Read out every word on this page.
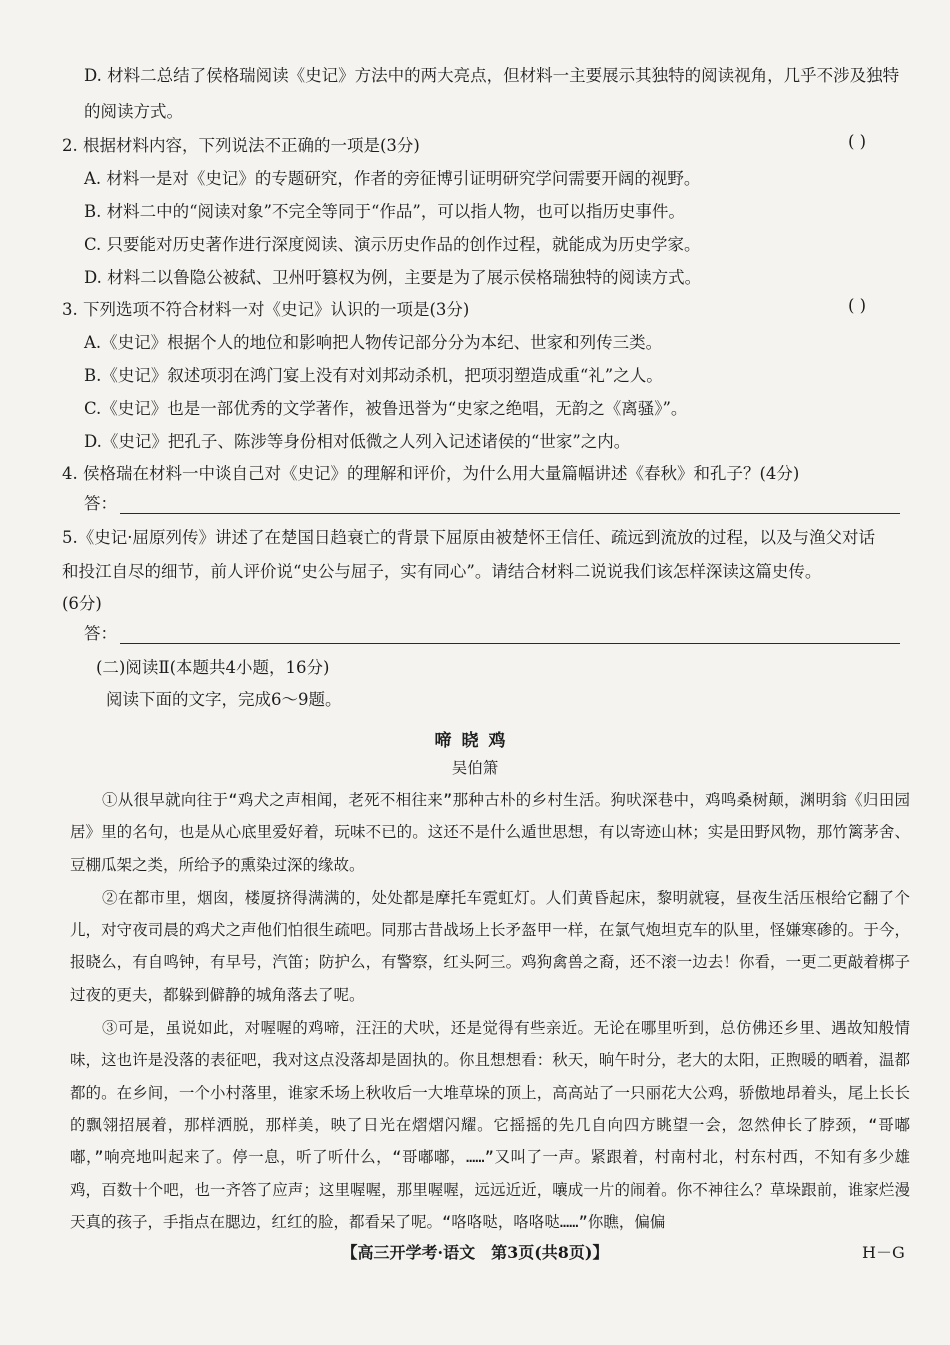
D. 材料二总结了侯格瑞阅读《史记》方法中的两大亮点，但材料一主要展示其独特的阅读视角，几乎不涉及独特
的阅读方式。
2. 根据材料内容，下列说法不正确的一项是(3分)	( )
A. 材料一是对《史记》的专题研究，作者的旁征博引证明研究学问需要开阔的视野。
B. 材料二中的“阅读对象”不完全等同于“作品”，可以指人物，也可以指历史事件。
C. 只要能对历史著作进行深度阅读、演示历史作品的创作过程，就能成为历史学家。
D. 材料二以鲁隐公被弑、卫州吁篡权为例，主要是为了展示侯格瑞独特的阅读方式。
3. 下列选项不符合材料一对《史记》认识的一项是(3分)	( )
A.《史记》根据个人的地位和影响把人物传记部分分为本纪、世家和列传三类。
B.《史记》叙述项羽在鸿门宴上没有对刘邦动杀机，把项羽塑造成重“礼”之人。
C.《史记》也是一部优秀的文学著作，被鲁迅誉为“史家之绝唱，无韵之《离骚》”。
D.《史记》把孔子、陈涉等身份相对低微之人列入记述诸侯的“世家”之内。
4. 侯格瑞在材料一中谈自己对《史记》的理解和评价，为什么用大量篇幅讲述《春秋》和孔子？(4分)
答：
5.《史记·屈原列传》讲述了在楚国日趋衰亡的背景下屈原由被楚怀王信任、疏远到流放的过程，以及与渔父对话
和投江自尽的细节，前人评价说“史公与屈子，实有同心”。请结合材料二说说我们该怎样深读这篇史传。
(6分)
答：
(二)阅读Ⅱ(本题共4小题，16分)
阅读下面的文字，完成6～9题。
啼晓鸡
吴伯箫

①从很早就向往于“鸡犬之声相闻，老死不相往来”那种古朴的乡村生活。狗吠深巷中，鸡鸣桑树颠，渊明翁《归田园居》里的名句，也是从心底里爱好着，玩味不已的。这还不是什么遁世思想，有以寄迹山林；实是田野风物，那竹篱茅舍、豆棚瓜架之类，所给予的熏染过深的缘故。

②在都市里，烟囱，楼厦挤得满满的，处处都是摩托车霓虹灯。人们黄昏起床，黎明就寝，昼夜生活压根给它翻了个儿，对守夜司晨的鸡犬之声他们怕很生疏吧。同那古昔战场上长矛盔甲一样，在氯气炮坦克车的队里，怪嫌寒碜的。于今，报晓么，有自鸣钟，有早号，汽笛；防护么，有警察，红头阿三。鸡狗禽兽之裔，还不滚一边去！你看，一更二更敲着梆子过夜的更夫，都躲到僻静的城角落去了呢。

③可是，虽说如此，对喔喔的鸡啼，汪汪的犬吠，还是觉得有些亲近。无论在哪里听到，总仿佛还乡里、遇故知般情味，这也许是没落的表征吧，我对这点没落却是固执的。你且想想看：秋天，晌午时分，老大的太阳，正煦暖的晒着，温都都的。在乡间，一个小村落里，谁家禾场上秋收后一大堆草垛的顶上，高高站了一只丽花大公鸡，骄傲地昂着头，尾上长长的飘翎招展着，那样洒脱，那样美，映了日光在熠熠闪耀。它摇摇的先几自向四方眺望一会，忽然伸长了脖颈，“哥嘟嘟，”响亮地叫起来了。停一息，听了听什么，“哥嘟嘟，……”又叫了一声。紧跟着，村南村北，村东村西，不知有多少雄鸡，百数十个吧，也一齐答了应声；这里喔喔，那里喔喔，远远近近，嚷成一片的闹着。你不神往么？草垛跟前，谁家烂漫天真的孩子，手指点在腮边，红红的脸，都看呆了呢。“咯咯哒，咯咯哒……”你瞧，偏偏

【高三开学考·语文　第3页(共8页)】	H－G
